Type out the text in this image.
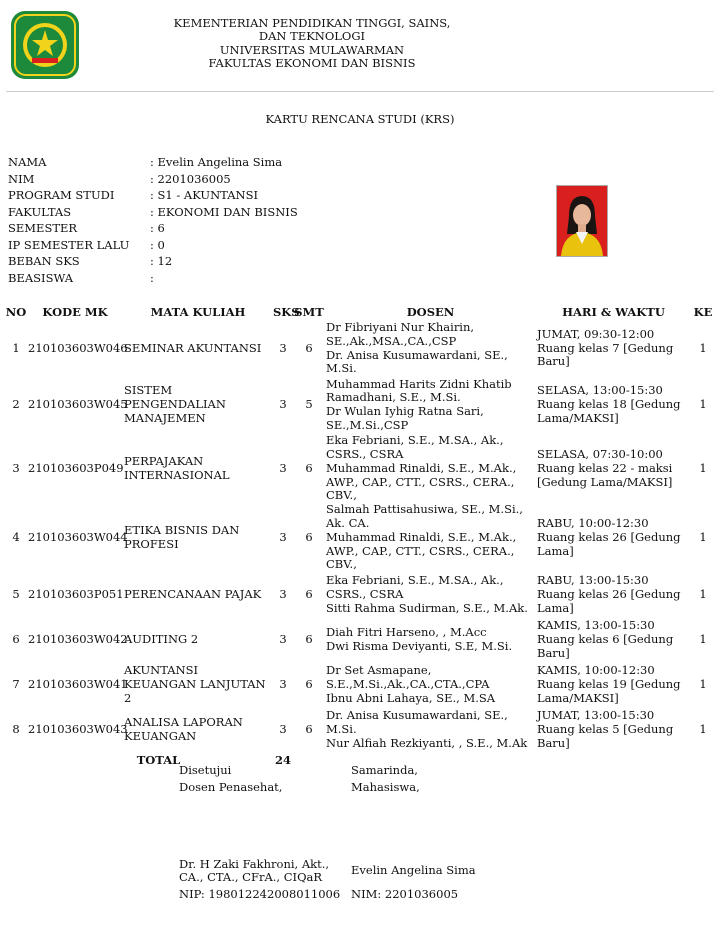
KEMENTERIAN PENDIDIKAN TINGGI, SAINS,
DAN TEKNOLOGI
UNIVERSITAS MULAWARMAN
FAKULTAS EKONOMI DAN BISNIS
KARTU RENCANA STUDI (KRS)
NAMA	: Evelin Angelina Sima
NIM	: 2201036005
PROGRAM STUDI	: S1 - AKUNTANSI
FAKULTAS	: EKONOMI DAN BISNIS
SEMESTER	: 6
IP SEMESTER LALU	: 0
BEBAN SKS	: 12
BEASISWA	:
NO	KODE MK	MATA KULIAH	SKS	SMT	DOSEN	HARI & WAKTU	KE
1	210103603W046	SEMINAR AKUNTANSI	3	6	Dr Fibriyani Nur Khairin, SE.,Ak.,MSA.,CA.,CSP
Dr. Anisa Kusumawardani, SE., M.Si.	JUMAT, 09:30-12:00
Ruang kelas 7 [Gedung Baru]	1
2	210103603W045	SISTEM PENGENDALIAN MANAJEMEN	3	5	Muhammad Harits Zidni Khatib Ramadhani, S.E., M.Si.
Dr Wulan Iyhig Ratna Sari, SE.,M.Si.,CSP	SELASA, 13:00-15:30
Ruang kelas 18 [Gedung Lama/MAKSI]	1
3	210103603P049	PERPAJAKAN INTERNASIONAL	3	6	Eka Febriani, S.E., M.SA., Ak., CSRS., CSRA
Muhammad Rinaldi, S.E., M.Ak., AWP., CAP., CTT., CSRS., CERA., CBV.,	SELASA, 07:30-10:00
Ruang kelas 22 - maksi [Gedung Lama/MAKSI]	1
4	210103603W044	ETIKA BISNIS DAN PROFESI	3	6	Salmah Pattisahusiwa, SE., M.Si., Ak. CA.
Muhammad Rinaldi, S.E., M.Ak., AWP., CAP., CTT., CSRS., CERA., CBV.,	RABU, 10:00-12:30
Ruang kelas 26 [Gedung Lama]	1
5	210103603P051	PERENCANAAN PAJAK	3	6	Eka Febriani, S.E., M.SA., Ak., CSRS., CSRA
Sitti Rahma Sudirman, S.E., M.Ak.	RABU, 13:00-15:30
Ruang kelas 26 [Gedung Lama]	1
6	210103603W042	AUDITING 2	3	6	Diah Fitri Harseno, , M.Acc
Dwi Risma Deviyanti, S.E, M.Si.	KAMIS, 13:00-15:30
Ruang kelas 6 [Gedung Baru]	1
7	210103603W041	AKUNTANSI KEUANGAN LANJUTAN 2	3	6	Dr Set Asmapane, S.E.,M.Si.,Ak.,CA.,CTA.,CPA
Ibnu Abni Lahaya, SE., M.SA	KAMIS, 10:00-12:30
Ruang kelas 19 [Gedung Lama/MAKSI]	1
8	210103603W043	ANALISA LAPORAN KEUANGAN	3	6	Dr. Anisa Kusumawardani, SE., M.Si.
Nur Alfiah Rezkiyanti, , S.E., M.Ak	JUMAT, 13:00-15:30
Ruang kelas 5 [Gedung Baru]	1
TOTAL			24				
Disetujui
Dosen Penasehat,
Dr. H Zaki Fakhroni, Akt., CA., CTA., CFrA., CIQaR
NIP: 198012242008011006
Samarinda,
Mahasiswa,
Evelin Angelina Sima
NIM: 2201036005
